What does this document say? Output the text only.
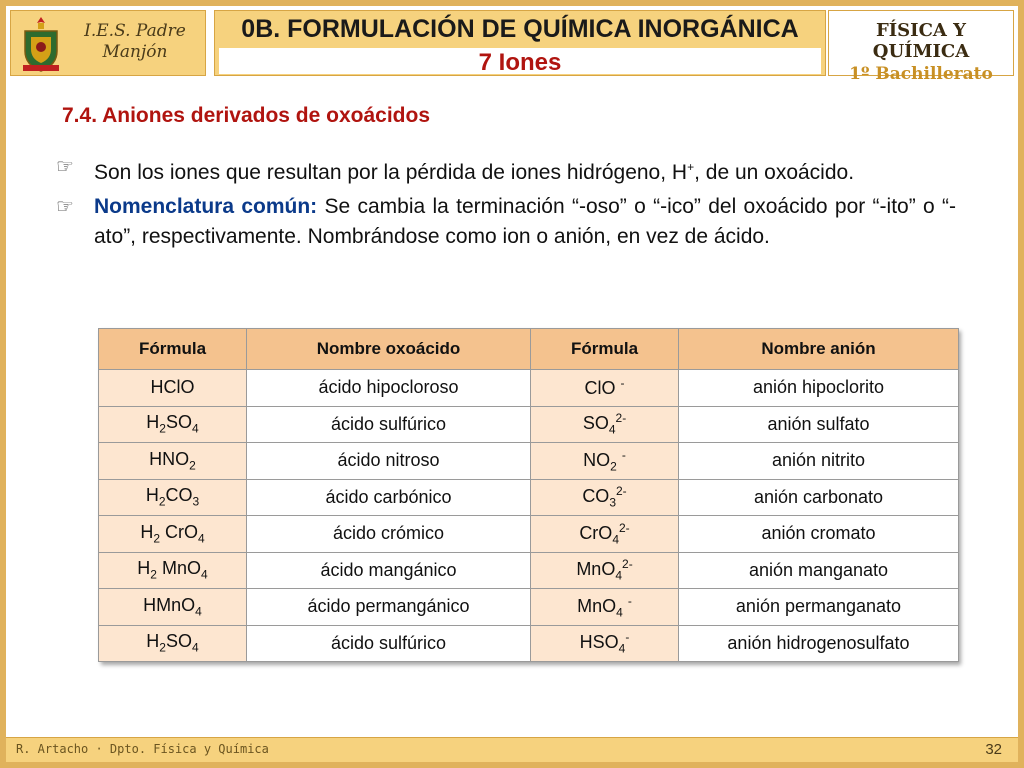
I.E.S. Padre
Manjón
0B. FORMULACIÓN DE QUÍMICA INORGÁNICA
7 Iones
FÍSICA Y QUÍMICA
1º Bachillerato
7.4. Aniones derivados de oxoácidos
☞ Son los iones que resultan por la pérdida de iones hidrógeno, H+, de un oxoácido.

☞ Nomenclatura común: Se cambia la terminación “-oso” o “-ico” del oxoácido por “-ito” o “-ato”, respectivamente. Nombrándose como ion o anión, en vez de ácido.

Fórmula	Nombre oxoácido	Fórmula	Nombre anión
HClO	ácido hipocloroso	ClO -	anión hipoclorito
$H_2SO_4$	ácido sulfúrico	$SO_4^{2-}$	anión sulfato
$HNO_2$	ácido nitroso	$NO_2$ -	anión nitrito
$H_2CO_3$	ácido carbónico	$CO_3^{2-}$	anión carbonato
$H_2$ CrO$_4$	ácido crómico	CrO$_4^{2-}$	anión cromato
$H_2$ MnO$_4$	ácido mangánico	MnO$_4^{2-}$	anión manganato
HMnO$_4$	ácido permangánico	MnO$_4$ -	anión permanganato
$H_2SO_4$	ácido sulfúrico	$HSO_4^-$	anión hidrogenosulfato
R. Artacho · Dpto. Física y Química	32
